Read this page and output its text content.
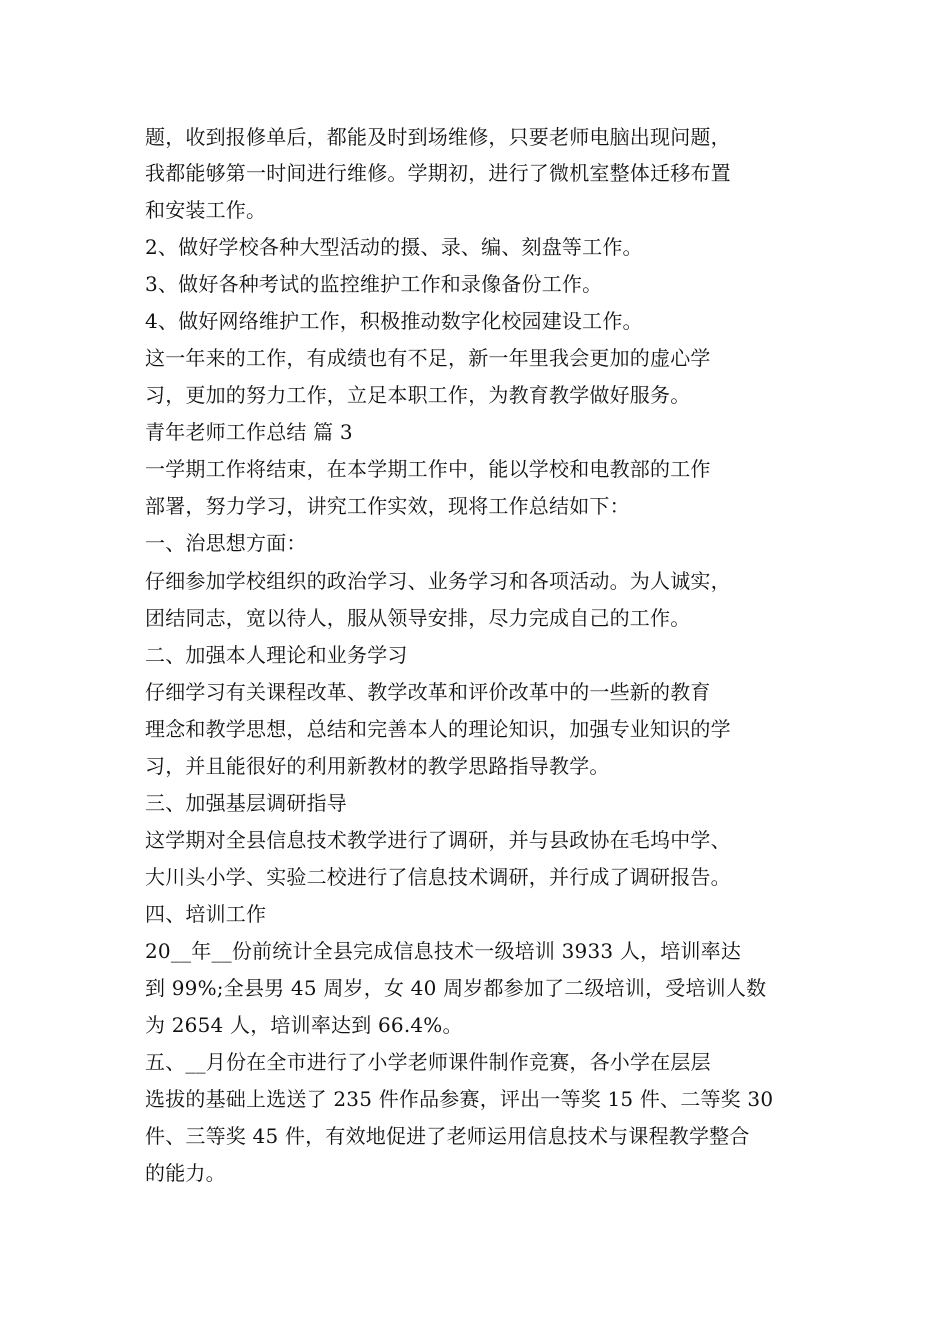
题，收到报修单后，都能及时到场维修，只要老师电脑出现问题，
我都能够第一时间进行维修。学期初，进行了微机室整体迁移布置
和安装工作。
2、做好学校各种大型活动的摄、录、编、刻盘等工作。
3、做好各种考试的监控维护工作和录像备份工作。
4、做好网络维护工作，积极推动数字化校园建设工作。
这一年来的工作，有成绩也有不足，新一年里我会更加的虚心学
习，更加的努力工作，立足本职工作，为教育教学做好服务。
青年老师工作总结 篇 3
一学期工作将结束，在本学期工作中，能以学校和电教部的工作
部署，努力学习，讲究工作实效，现将工作总结如下：
一、治思想方面：
仔细参加学校组织的政治学习、业务学习和各项活动。为人诚实，
团结同志，宽以待人，服从领导安排，尽力完成自己的工作。
二、加强本人理论和业务学习
仔细学习有关课程改革、教学改革和评价改革中的一些新的教育
理念和教学思想，总结和完善本人的理论知识，加强专业知识的学
习，并且能很好的利用新教材的教学思路指导教学。
三、加强基层调研指导
这学期对全县信息技术教学进行了调研，并与县政协在毛坞中学、
大川头小学、实验二校进行了信息技术调研，并行成了调研报告。
四、培训工作
20__年__份前统计全县完成信息技术一级培训 3933 人，培训率达
到 99%;全县男 45 周岁，女 40 周岁都参加了二级培训，受培训人数
为 2654 人，培训率达到 66.4%。
五、__月份在全市进行了小学老师课件制作竞赛，各小学在层层
选拔的基础上选送了 235 件作品参赛，评出一等奖 15 件、二等奖 30
件、三等奖 45 件，有效地促进了老师运用信息技术与课程教学整合
的能力。
